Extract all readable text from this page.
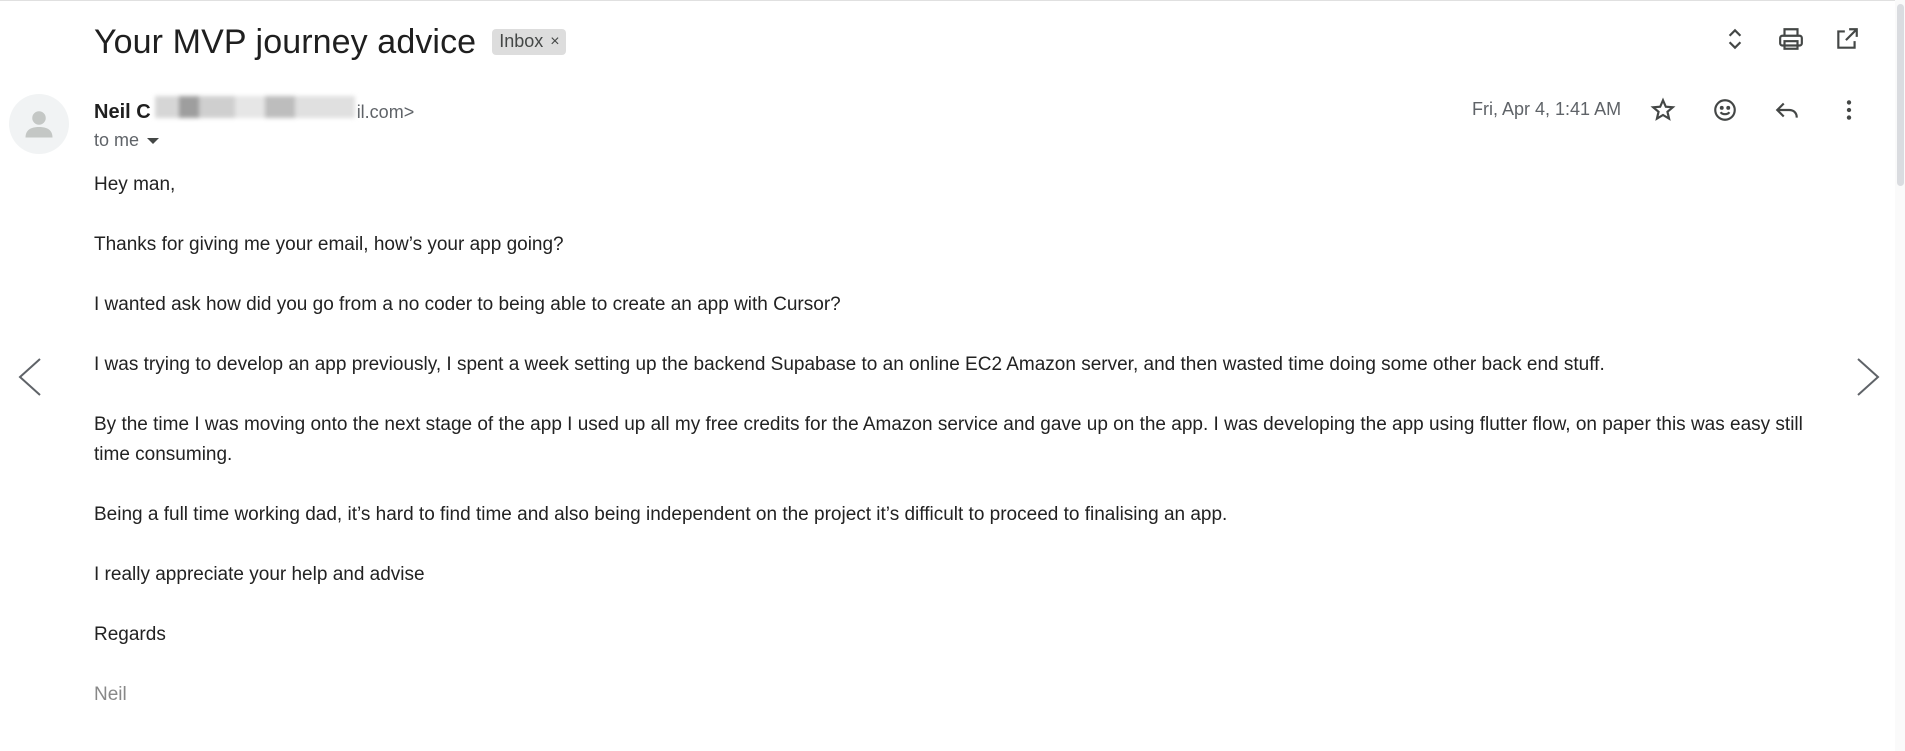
Your MVP journey advice Inbox ×
Neil C	il.com>
to me
Fri, Apr 4, 1:41 AM

Hey man,

Thanks for giving me your email, how’s your app going?

I wanted ask how did you go from a no coder to being able to create an app with Cursor?

I was trying to develop an app previously, I spent a week setting up the backend Supabase to an online EC2 Amazon server, and then wasted time doing some other back end stuff.

By the time I was moving onto the next stage of the app I used up all my free credits for the Amazon service and gave up on the app. I was developing the app using flutter flow, on paper this was easy still time consuming.

Being a full time working dad, it’s hard to find time and also being independent on the project it’s difficult to proceed to finalising an app.

I really appreciate your help and advise

Regards

Neil
